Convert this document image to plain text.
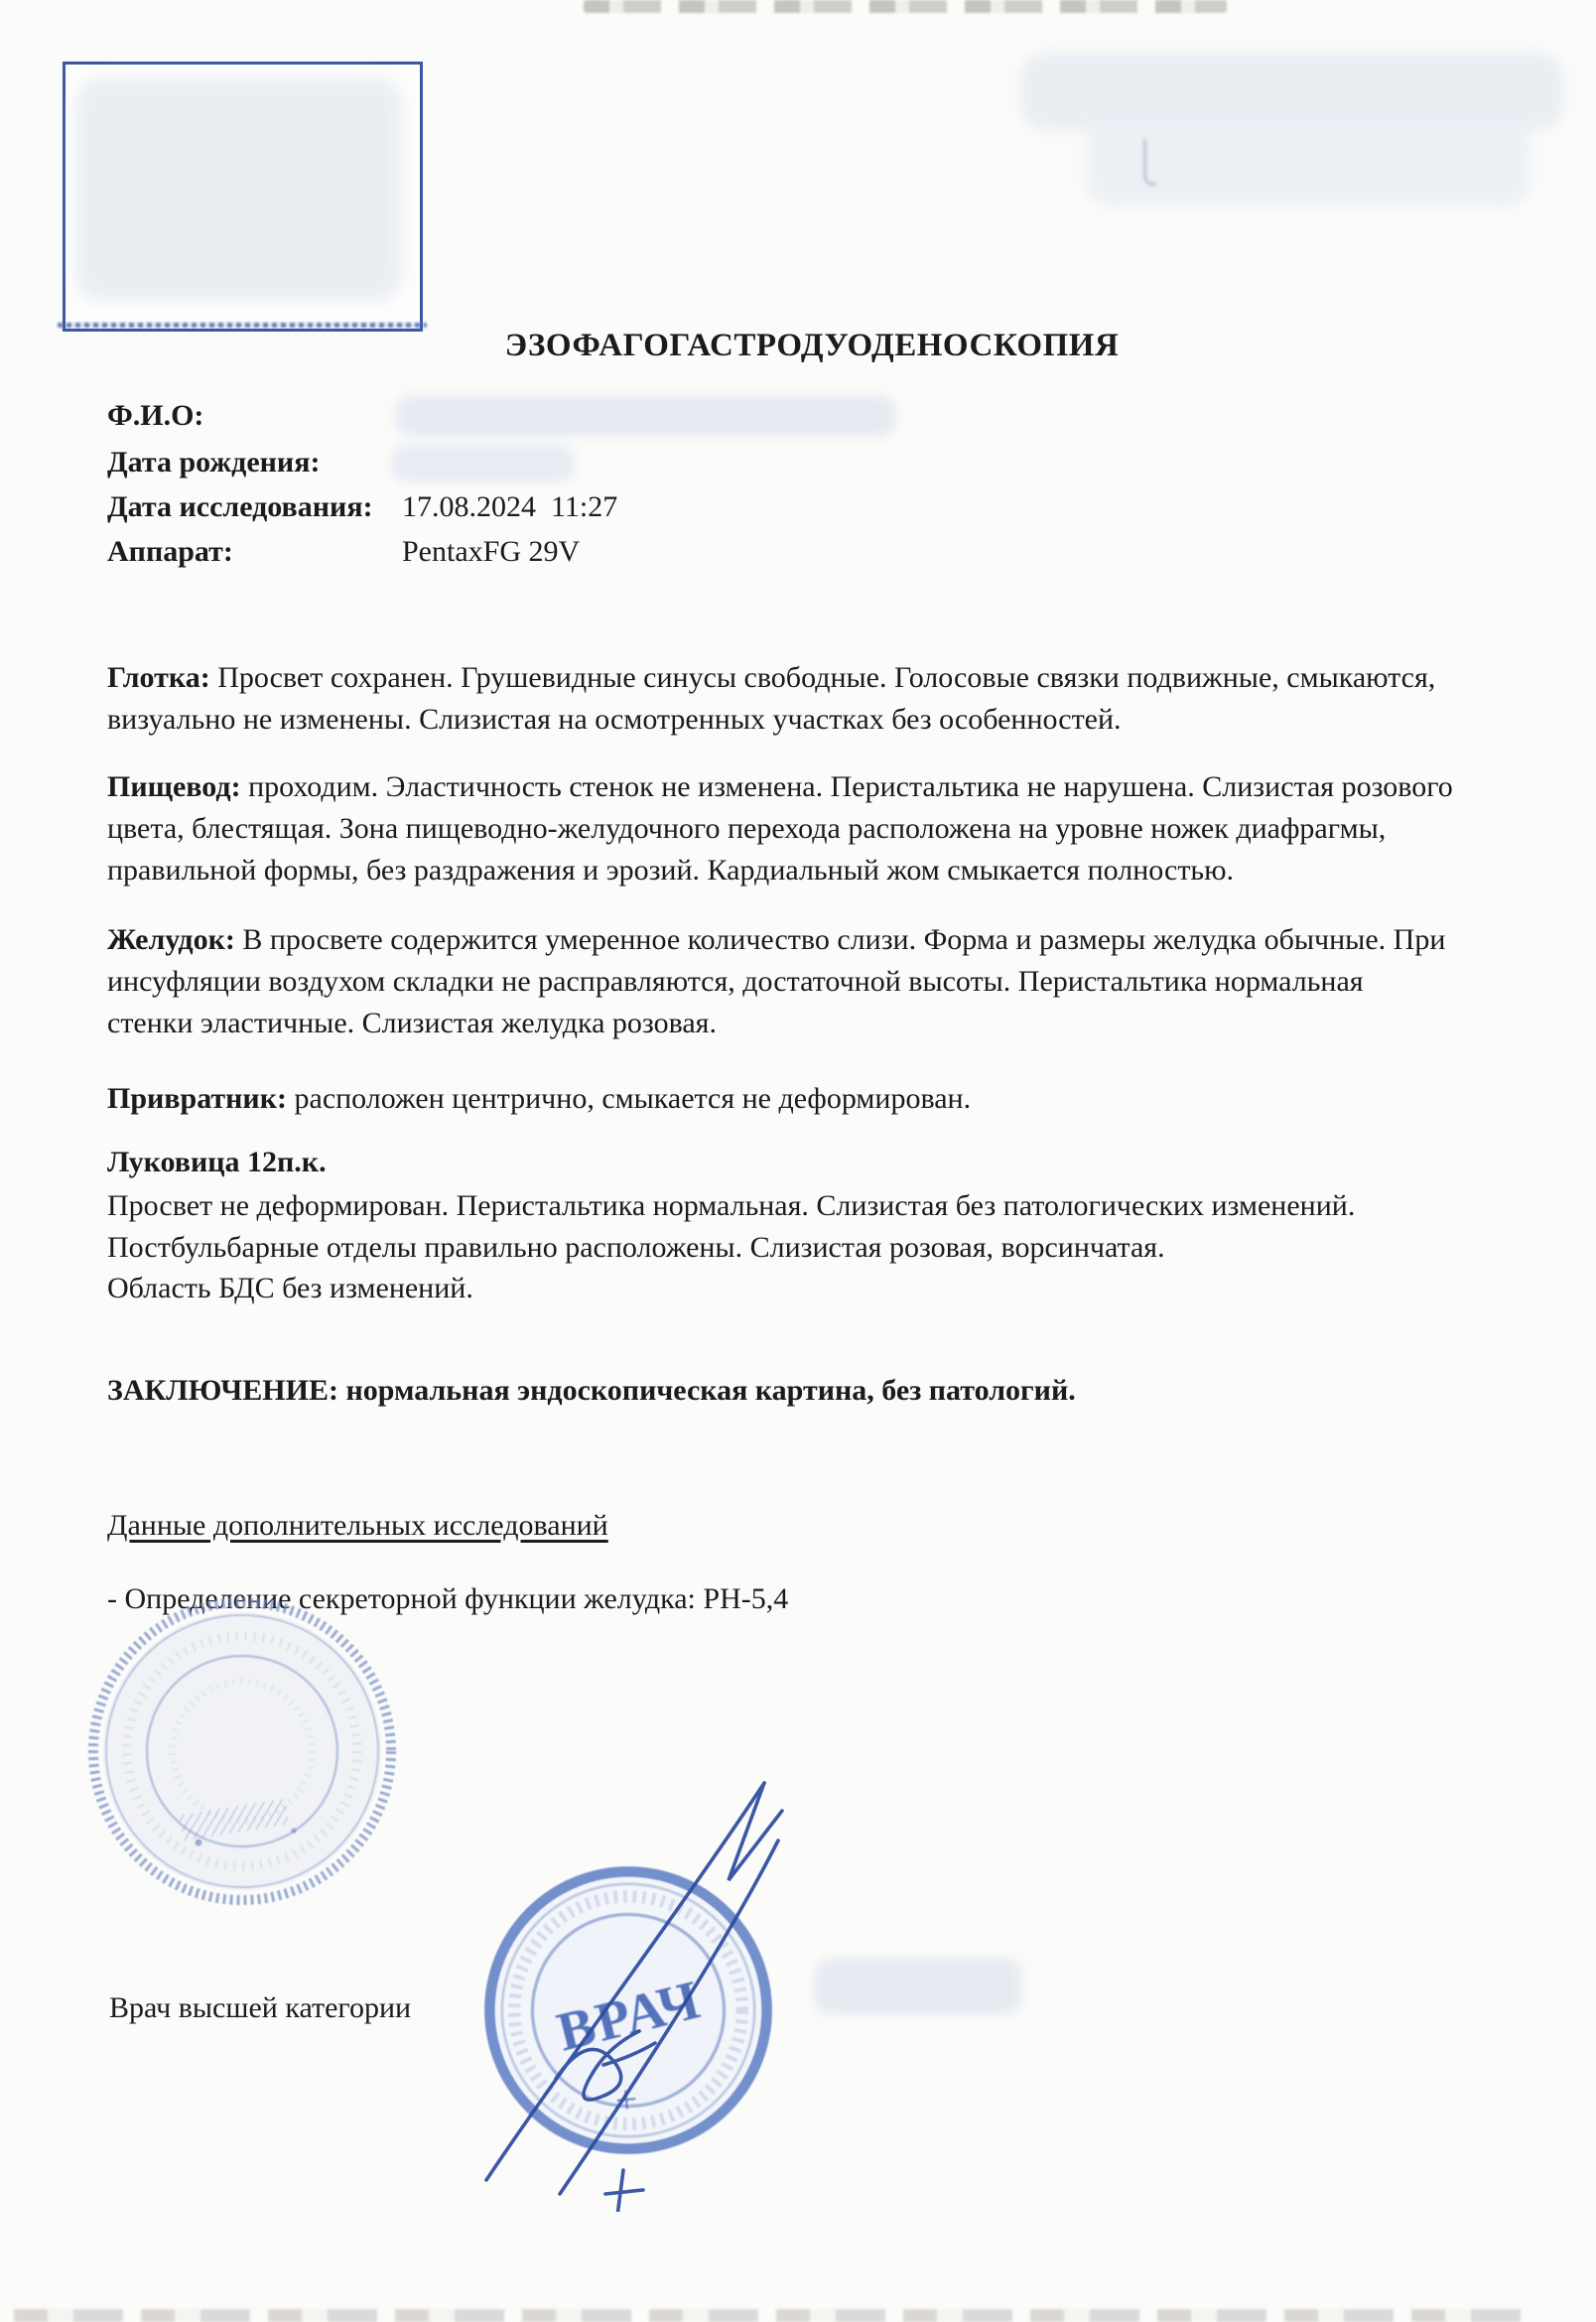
ЭЗОФАГОГАСТРОДУОДЕНОСКОПИЯ
Ф.И.О:
Дата рождения:
Дата исследования: 17.08.2024  11:27
Аппарат:	PentaxFG 29V

Глотка: Просвет сохранен. Грушевидные синусы свободные. Голосовые связки подвижные, смыкаются, визуально не изменены. Слизистая на осмотренных участках без особенностей.

Пищевод: проходим. Эластичность стенок не изменена. Перистальтика не нарушена. Слизистая розового цвета, блестящая. Зона пищеводно-желудочного перехода расположена на уровне ножек диафрагмы, правильной формы, без раздражения и эрозий. Кардиальный жом смыкается полностью.

Желудок: В просвете содержится умеренное количество слизи. Форма и размеры желудка обычные. При инсуфляции воздухом складки не расправляются, достаточной высоты. Перистальтика нормальная стенки эластичные. Слизистая желудка розовая.

Привратник: расположен центрично, смыкается не деформирован.

Луковица 12п.к.
Просвет не деформирован. Перистальтика нормальная. Слизистая без патологических изменений.
Постбульбарные отделы правильно расположены. Слизистая розовая, ворсинчатая.
Область БДС без изменений.

ЗАКЛЮЧЕНИЕ: нормальная эндоскопическая картина, без патологий.

Данные дополнительных исследований
- Определение секреторной функции желудка: PH-5,4
ВРАЧ
+
Врач высшей категории
